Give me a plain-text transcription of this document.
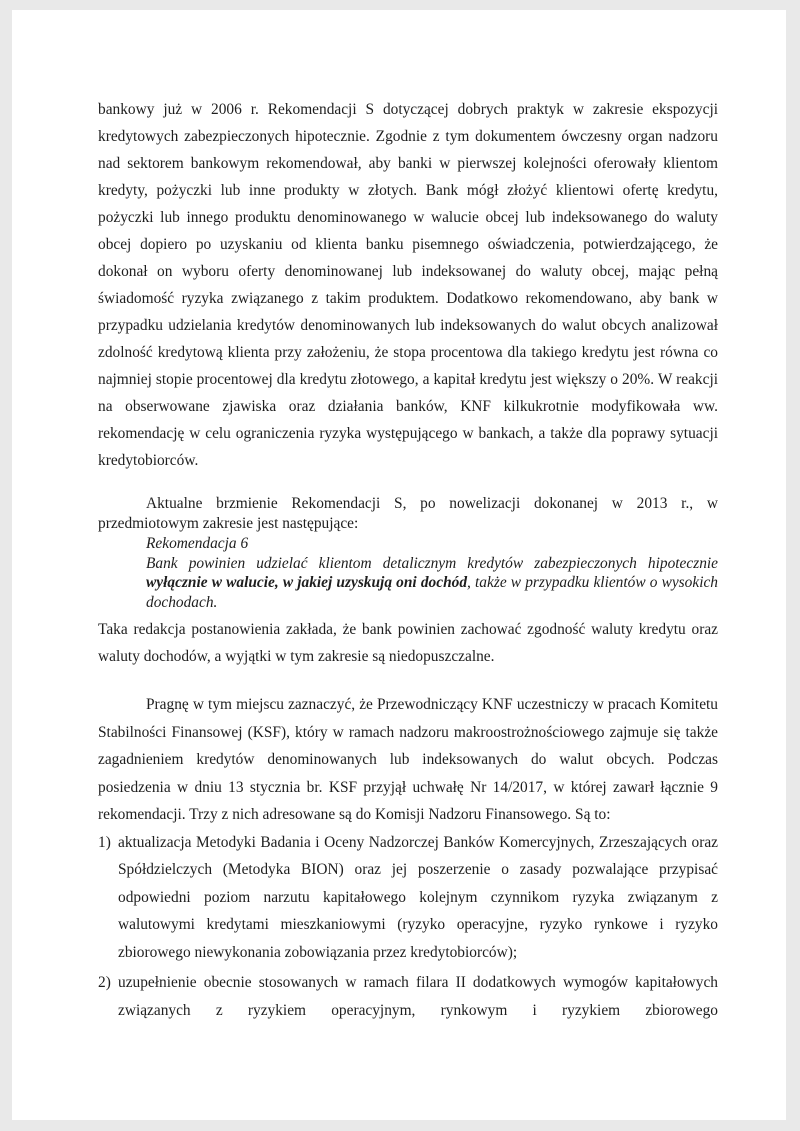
bankowy już w 2006 r. Rekomendacji S dotyczącej dobrych praktyk w zakresie ekspozycji kredytowych zabezpieczonych hipotecznie. Zgodnie z tym dokumentem ówczesny organ nadzoru nad sektorem bankowym rekomendował, aby banki w pierwszej kolejności oferowały klientom kredyty, pożyczki lub inne produkty w złotych. Bank mógł złożyć klientowi ofertę kredytu, pożyczki lub innego produktu denominowanego w walucie obcej lub indeksowanego do waluty obcej dopiero po uzyskaniu od klienta banku pisemnego oświadczenia, potwierdzającego, że dokonał on wyboru oferty denominowanej lub indeksowanej do waluty obcej, mając pełną świadomość ryzyka związanego z takim produktem. Dodatkowo rekomendowano, aby bank w przypadku udzielania kredytów denominowanych lub indeksowanych do walut obcych analizował zdolność kredytową klienta przy założeniu, że stopa procentowa dla takiego kredytu jest równa co najmniej stopie procentowej dla kredytu złotowego, a kapitał kredytu jest większy o 20%. W reakcji na obserwowane zjawiska oraz działania banków, KNF kilkukrotnie modyfikowała ww. rekomendację w celu ograniczenia ryzyka występującego w bankach, a także dla poprawy sytuacji kredytobiorców.

Aktualne brzmienie Rekomendacji S, po nowelizacji dokonanej w 2013 r., w przedmiotowym zakresie jest następujące:

Rekomendacja 6
Bank powinien udzielać klientom detalicznym kredytów zabezpieczonych hipotecznie wyłącznie w walucie, w jakiej uzyskują oni dochód, także w przypadku klientów o wysokich dochodach.

Taka redakcja postanowienia zakłada, że bank powinien zachować zgodność waluty kredytu oraz waluty dochodów, a wyjątki w tym zakresie są niedopuszczalne.

Pragnę w tym miejscu zaznaczyć, że Przewodniczący KNF uczestniczy w pracach Komitetu Stabilności Finansowej (KSF), który w ramach nadzoru makroostrożnościowego zajmuje się także zagadnieniem kredytów denominowanych lub indeksowanych do walut obcych. Podczas posiedzenia w dniu 13 stycznia br. KSF przyjął uchwałę Nr 14/2017, w której zawarł łącznie 9 rekomendacji. Trzy z nich adresowane są do Komisji Nadzoru Finansowego. Są to:

1) aktualizacja Metodyki Badania i Oceny Nadzorczej Banków Komercyjnych, Zrzeszających oraz Spółdzielczych (Metodyka BION) oraz jej poszerzenie o zasady pozwalające przypisać odpowiedni poziom narzutu kapitałowego kolejnym czynnikom ryzyka związanym z walutowymi kredytami mieszkaniowymi (ryzyko operacyjne, ryzyko rynkowe i ryzyko zbiorowego niewykonania zobowiązania przez kredytobiorców);
2) uzupełnienie obecnie stosowanych w ramach filara II dodatkowych wymogów kapitałowych związanych z ryzykiem operacyjnym, rynkowym i ryzykiem zbiorowego
